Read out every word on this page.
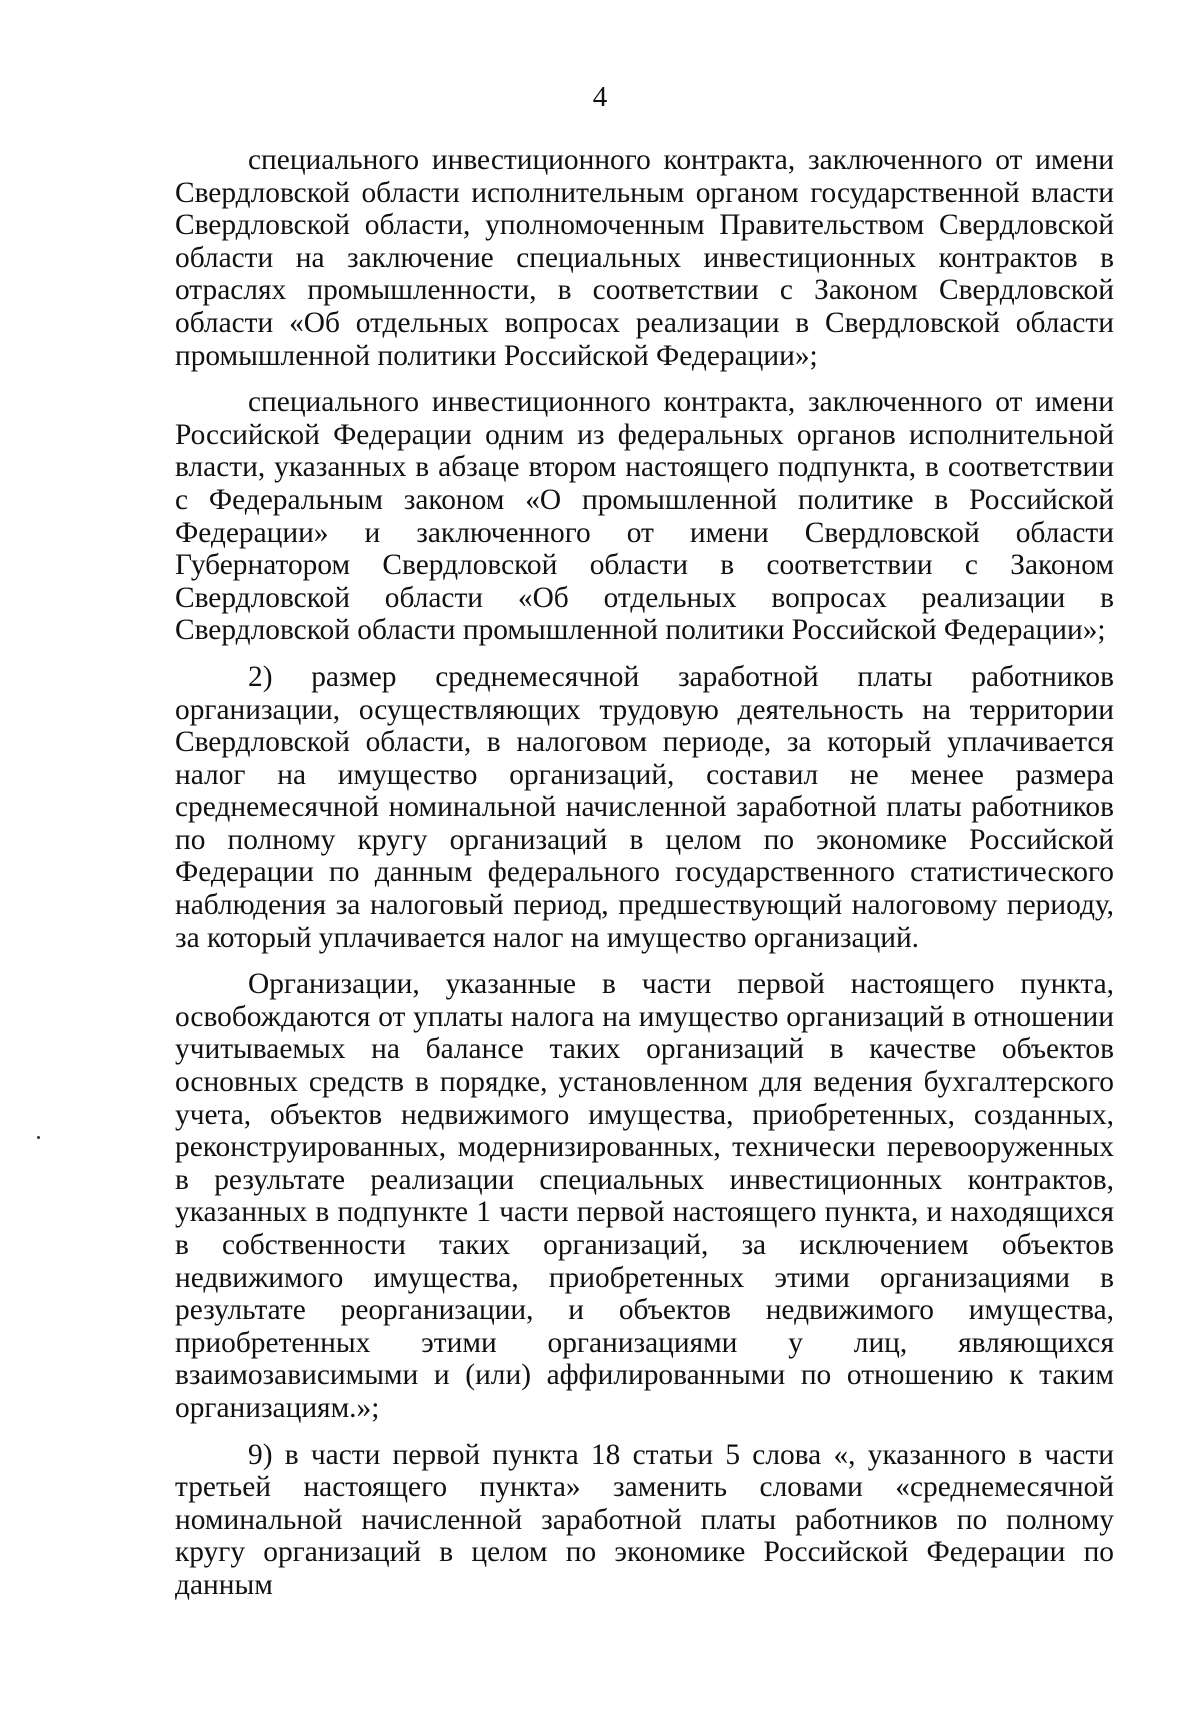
4

специального инвестиционного контракта, заключенного от имени Свердловской области исполнительным органом государственной власти Свердловской области, уполномоченным Правительством Свердловской области на заключение специальных инвестиционных контрактов в отраслях промышленности, в соответствии с Законом Свердловской области «Об отдельных вопросах реализации в Свердловской области промышленной политики Российской Федерации»;

специального инвестиционного контракта, заключенного от имени Российской Федерации одним из федеральных органов исполнительной власти, указанных в абзаце втором настоящего подпункта, в соответствии с Федеральным законом «О промышленной политике в Российской Федерации» и заключенного от имени Свердловской области Губернатором Свердловской области в соответствии с Законом Свердловской области «Об отдельных вопросах реализации в Свердловской области промышленной политики Российской Федерации»;

2) размер среднемесячной заработной платы работников организации, осуществляющих трудовую деятельность на территории Свердловской области, в налоговом периоде, за который уплачивается налог на имущество организаций, составил не менее размера среднемесячной номинальной начисленной заработной платы работников по полному кругу организаций в целом по экономике Российской Федерации по данным федерального государственного статистического наблюдения за налоговый период, предшествующий налоговому периоду, за который уплачивается налог на имущество организаций.

Организации, указанные в части первой настоящего пункта, освобождаются от уплаты налога на имущество организаций в отношении учитываемых на балансе таких организаций в качестве объектов основных средств в порядке, установленном для ведения бухгалтерского учета, объектов недвижимого имущества, приобретенных, созданных, реконструированных, модернизированных, технически перевооруженных в результате реализации специальных инвестиционных контрактов, указанных в подпункте 1 части первой настоящего пункта, и находящихся в собственности таких организаций, за исключением объектов недвижимого имущества, приобретенных этими организациями в результате реорганизации, и объектов недвижимого имущества, приобретенных этими организациями у лиц, являющихся взаимозависимыми и (или) аффилированными по отношению к таким организациям.»;

9) в части первой пункта 18 статьи 5 слова «, указанного в части третьей настоящего пункта» заменить словами «среднемесячной номинальной начисленной заработной платы работников по полному кругу организаций в целом по экономике Российской Федерации по данным
